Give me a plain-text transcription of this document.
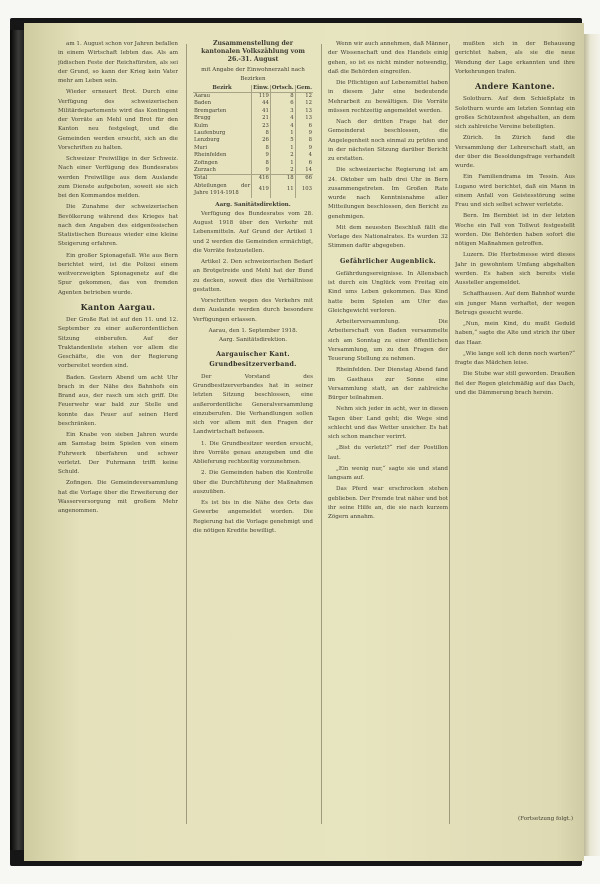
am 1. August schon vor Jahren befallen in einem Wirtschaft lebten das. Als am jüdischen Feste der Reichsfürsten, als sei der Grund, so kann der Krieg kein Vater mehr am Leben sein.

Wieder erneuert Brot. Durch eine Verfügung des schweizerischen Militärdepartements wird das Kontingent der Vorräte an Mehl und Brot für den Kanton neu festgelegt, und die Gemeinden werden ersucht, sich an die Vorschriften zu halten.

Schweizer Freiwillige in der Schweiz. Nach einer Verfügung des Bundesrates werden Freiwillige aus dem Auslande zum Dienste aufgeboten, soweit sie sich bei den Kommandos melden.

Die Zunahme der schweizerischen Bevölkerung während des Krieges hat nach den Angaben des eidgenössischen Statistischen Bureaus wieder eine kleine Steigerung erfahren.

Ein großer Spionagefall. Wie aus Bern berichtet wird, ist die Polizei einem weitverzweigten Spionagenetz auf die Spur gekommen, das von fremden Agenten betrieben wurde.

Kanton Aargau.

Der Große Rat ist auf den 11. und 12. September zu einer außerordentlichen Sitzung einberufen. Auf der Traktandenliste stehen vor allem die Geschäfte, die von der Regierung vorbereitet worden sind.

Baden. Gestern Abend um acht Uhr brach in der Nähe des Bahnhofs ein Brand aus, der rasch um sich griff. Die Feuerwehr war bald zur Stelle und konnte das Feuer auf seinen Herd beschränken.

Ein Knabe von sieben Jahren wurde am Samstag beim Spielen von einem Fuhrwerk überfahren und schwer verletzt. Der Fuhrmann trifft keine Schuld.

Zofingen. Die Gemeindeversammlung hat die Vorlage über die Erweiterung der Wasserversorgung mit großem Mehr angenommen.

Zusammenstellung der kantonalen Volkszählung vom 26.-31. August
mit Angabe der Einwohnerzahl nach Bezirken
Bezirk	Einw.	Ortsch.	Gem.
Aarau	119	8	12
Baden	44	6	12
Bremgarten	41	3	13
Brugg	21	4	13
Kulm	23	4	6
Laufenburg	8	1	9
Lenzburg	26	5	8
Muri	8	1	9
Rheinfelden	9	2	4
Zofingen	8	1	6
Zurzach	9	2	14
Total	416	18	66
Abteilungen der Jahre 1914-1918	419	11	103
Aarg. Sanitätsdirektion.

Verfügung des Bundesrates vom 28. August 1918 über den Verkehr mit Lebensmitteln. Auf Grund der Artikel 1 und 2 werden die Gemeinden ermächtigt, die Vorräte festzustellen.

Artikel 2. Den schweizerischen Bedarf an Brotgetreide und Mehl hat der Bund zu decken, soweit dies die Verhältnisse gestatten.

Vorschriften wegen des Verkehrs mit dem Auslande werden durch besondere Verfügungen erlassen.

Aarau, den 1. September 1918.
Aarg. Sanitätsdirektion.
Aargauischer Kant. Grundbesitzerverband.

Der Vorstand des Grundbesitzerverbandes hat in seiner letzten Sitzung beschlossen, eine außerordentliche Generalversammlung einzuberufen. Die Verhandlungen sollen sich vor allem mit den Fragen der Landwirtschaft befassen.

1. Die Grundbesitzer werden ersucht, ihre Vorräte genau anzugeben und die Ablieferung rechtzeitig vorzunehmen.

2. Die Gemeinden haben die Kontrolle über die Durchführung der Maßnahmen auszuüben.

Es ist bis in die Nähe des Orts das Gewerbe angemeldet worden. Die Regierung hat die Vorlage genehmigt und die nötigen Kredite bewilligt.

Wenn wir auch annehmen, daß Männer der Wissenschaft und des Handels einig gehen, so ist es nicht minder notwendig, daß die Behörden eingreifen.

Die Pflichtigen auf Lebensmittel haben in diesem Jahr eine bedeutende Mehrarbeit zu bewältigen. Die Vorräte müssen rechtzeitig angemeldet werden.

Nach der dritten Frage hat der Gemeinderat beschlossen, die Angelegenheit noch einmal zu prüfen und in der nächsten Sitzung darüber Bericht zu erstatten.

Die schweizerische Regierung ist am 24. Oktober um halb drei Uhr in Bern zusammengetreten. Im Großen Rate wurde nach Kenntnisnahme aller Mitteilungen beschlossen, den Bericht zu genehmigen.

Mit dem neuesten Beschluß fällt die Vorlage des Nationalrates. Es wurden 32 Stimmen dafür abgegeben.

Gefährlicher Augenblick.

Gefährdungsereignisse. In Allensbach ist durch ein Unglück vom Freitag ein Kind ums Leben gekommen. Das Kind hatte beim Spielen am Ufer das Gleichgewicht verloren.

Arbeiterversammlung. Die Arbeiterschaft von Baden versammelte sich am Sonntag zu einer öffentlichen Versammlung, um zu den Fragen der Teuerung Stellung zu nehmen.

Rheinfelden. Der Dienstag Abend fand im Gasthaus zur Sonne eine Versammlung statt, an der zahlreiche Bürger teilnahmen.

Nehm sich jeder in acht, wer in diesen Tagen über Land geht; die Wege sind schlecht und das Wetter unsicher. Es hat sich schon mancher verirrt.

„Bist du verletzt?“ rief der Postillon laut.

„Ein wenig nur,“ sagte sie und stand langsam auf.

Das Pferd war erschrocken stehen geblieben. Der Fremde trat näher und bot ihr seine Hilfe an, die sie nach kurzem Zögern annahm.

mußten sich in der Behausung gerichtet haben, als sie die neue Wendung der Lage erkannten und ihre Vorkehrungen trafen.

Andere Kantone.

Solothurn. Auf dem Schießplatz in Solothurn wurde am letzten Sonntag ein großes Schützenfest abgehalten, an dem sich zahlreiche Vereine beteiligten.

Zürich. In Zürich fand die Versammlung der Lehrerschaft statt, an der über die Besoldungsfrage verhandelt wurde.

Ein Familiendrama im Tessin. Aus Lugano wird berichtet, daß ein Mann in einem Anfall von Geistesstörung seine Frau und sich selbst schwer verletzte.

Bern. Im Bernbiet ist in der letzten Woche ein Fall von Tollwut festgestellt worden. Die Behörden haben sofort die nötigen Maßnahmen getroffen.

Luzern. Die Herbstmesse wird dieses Jahr in gewohntem Umfang abgehalten werden. Es haben sich bereits viele Aussteller angemeldet.

Schaffhausen. Auf dem Bahnhof wurde ein junger Mann verhaftet, der wegen Betrugs gesucht wurde.

„Nun, mein Kind, du mußt Geduld haben,“ sagte die Alte und strich ihr über das Haar.

„Wie lange soll ich denn noch warten?“ fragte das Mädchen leise.

Die Stube war still geworden. Draußen fiel der Regen gleichmäßig auf das Dach, und die Dämmerung brach herein.

(Fortsetzung folgt.)
